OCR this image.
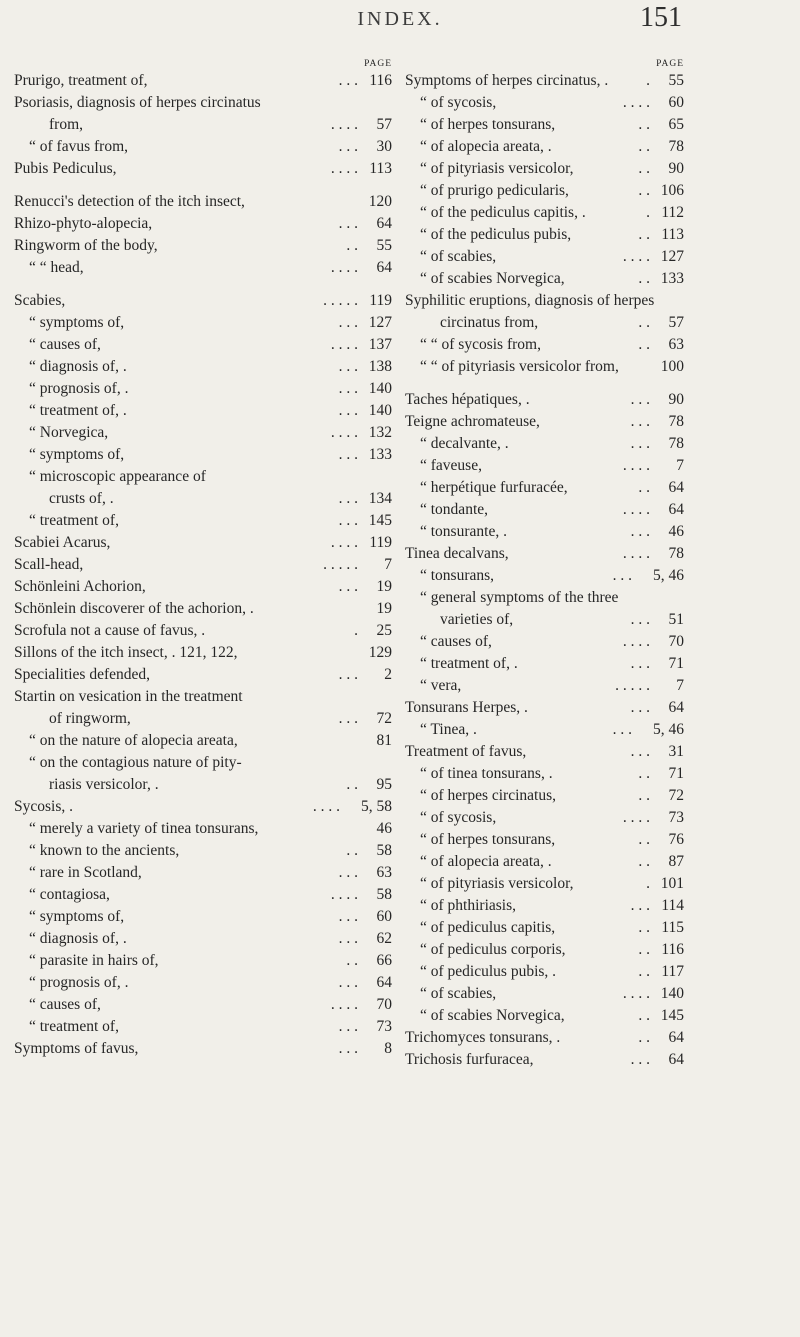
INDEX.	151
PAGE
Prurigo, treatment of,	. . . 116
Psoriasis, diagnosis of herpes circinatus
from,	. . . .	57
“ of favus from,	. . .	30
Pubis Pediculus,	. . . . 113
Renucci's detection of the itch insect,	120
Rhizo-phyto-alopecia,	. . .	64
Ringworm of the body,	. .	55
“ “ head,	. . . .	64
Scabies,	. . . . . 119
“ symptoms of,	. . . 127
“ causes of,	. . . . 137
“ diagnosis of, .	. . . 138
“ prognosis of, .	. . . 140
“ treatment of, .	. . . 140
“ Norvegica,	. . . . 132
“ symptoms of,	. . . 133
“ microscopic appearance of
crusts of, .	. . . 134
“ treatment of,	. . . 145
Scabiei Acarus,	. . . . 119
Scall-head,	. . . . .	7
Schönleini Achorion,	. . .	19
Schönlein discoverer of the achorion, .	19
Scrofula not a cause of favus, .	.	25
Sillons of the itch insect, . 121, 122,	129
Specialities defended,	. . .	2
Startin on vesication in the treatment
of ringworm,	. . .	72
“ on the nature of alopecia areata,	81
“ on the contagious nature of pity-
riasis versicolor, .	. .	95
Sycosis, .	. . . .	5, 58
“ merely a variety of tinea tonsurans,	46
“ known to the ancients,	. .	58
“ rare in Scotland,	. . .	63
“ contagiosa,	. . . .	58
“ symptoms of,	. . .	60
“ diagnosis of, .	. . .	62
“ parasite in hairs of,	. .	66
“ prognosis of, .	. . .	64
“ causes of,	. . . .	70
“ treatment of,	. . .	73
Symptoms of favus,	. . .	8
PAGE
Symptoms of herpes circinatus, .	.	55
“ of sycosis,	. . . .	60
“ of herpes tonsurans,	. .	65
“ of alopecia areata, .	. .	78
“ of pityriasis versicolor,	. .	90
“ of prurigo pedicularis,	. . 106
“ of the pediculus capitis, .	. 112
“ of the pediculus pubis,	. . 113
“ of scabies,	. . . . 127
“ of scabies Norvegica,	. . 133
Syphilitic eruptions, diagnosis of herpes
circinatus from,	. .	57
“ “ of sycosis from,	. .	63
“ “ of pityriasis versicolor from,	100
Taches hépatiques, .	. . .	90
Teigne achromateuse,	. . .	78
“ decalvante, .	. . .	78
“ faveuse,	. . . .	7
“ herpétique furfuracée,	. .	64
“ tondante,	. . . .	64
“ tonsurante, .	. . .	46
Tinea decalvans,	. . . .	78
“ tonsurans,	. . .	5, 46
“ general symptoms of the three
varieties of,	. . .	51
“ causes of,	. . . .	70
“ treatment of, .	. . .	71
“ vera,	. . . . .	7
Tonsurans Herpes, .	. . .	64
“ Tinea, .	. . .	5, 46
Treatment of favus,	. . .	31
“ of tinea tonsurans, .	. .	71
“ of herpes circinatus,	. .	72
“ of sycosis,	. . . .	73
“ of herpes tonsurans,	. .	76
“ of alopecia areata, .	. .	87
“ of pityriasis versicolor,	. 101
“ of phthiriasis,	. . . 114
“ of pediculus capitis,	. . 115
“ of pediculus corporis,	. . 116
“ of pediculus pubis, .	. . 117
“ of scabies,	. . . . 140
“ of scabies Norvegica,	. . 145
Trichomyces tonsurans, .	. .	64
Trichosis furfuracea,	. . .	64
